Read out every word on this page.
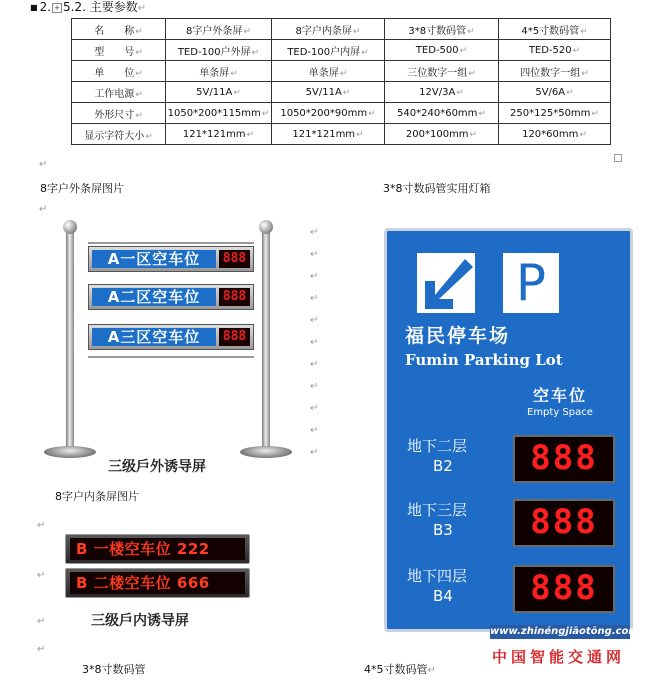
■ 2. + 5.2. 主要参数↵
名　　称↵	8字户外条屏↵	8字户内条屏↵	3*8寸数码管↵	4*5寸数码管↵
型　　号↵	TED-100户外屏↵	TED-100户内屏↵	TED-500↵	TED-520↵
单　　位↵	单条屏↵	单条屏↵	三位数字一组↵	四位数字一组↵
工作电源↵	5V/11A↵	5V/11A↵	12V/3A↵	5V/6A↵
外形尺寸↵	1050*200*115mm↵	1050*200*90mm↵	540*240*60mm↵	250*125*50mm↵
显示字符大小↵	121*121mm↵	121*121mm↵	200*100mm↵	120*60mm↵
↵
↵
↵
↵
↵
↵
↵
↵
↵
↵
↵
↵
↵
↵
↵
↵
↵
8字户外条屏图片	3*8寸数码管实用灯箱
8字户内条屏图片
3*8寸数码管	4*5寸数码管↵
A一区空车位	888
A二区空车位	888
A三区空车位	888
三级戶外诱导屏
B 一楼空车位 222
B 二楼空车位 666
三级戶内诱导屏
P
福民停车场
Fumin Parking Lot
空车位
Empty Space
地下二层
B2	888
地下三层
B3	888
地下四层
B4	888
www.zhinéngjiāotōng.com
中国智能交通网
